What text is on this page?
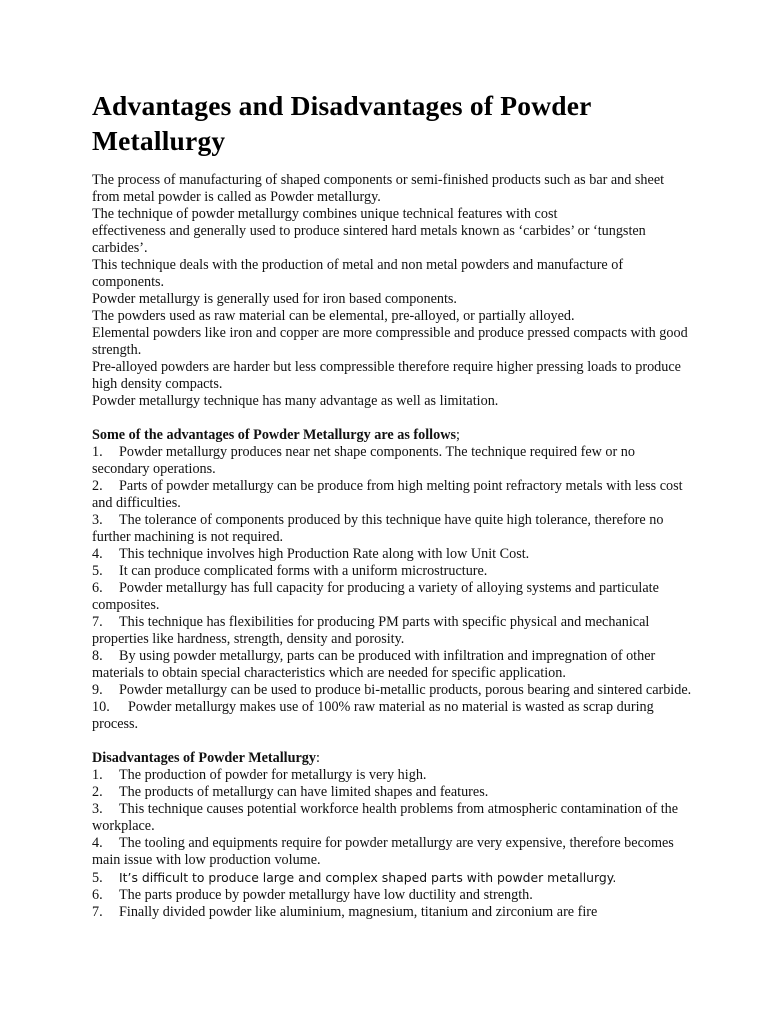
Advantages and Disadvantages of Powder Metallurgy

The process of manufacturing of shaped components or semi-finished products such as bar and sheet from metal powder is called as Powder metallurgy.

The technique of powder metallurgy combines unique technical features with cost

effectiveness and generally used to produce sintered hard metals known as ‘carbides’ or ‘tungsten carbides’.

This technique deals with the production of metal and non metal powders and manufacture of components.

Powder metallurgy is generally used for iron based components.

The powders used as raw material can be elemental, pre-alloyed, or partially alloyed.

Elemental powders like iron and copper are more compressible and produce pressed compacts with good strength.

Pre-alloyed powders are harder but less compressible therefore require higher pressing loads to produce high density compacts.

Powder metallurgy technique has many advantage as well as limitation.

Some of the advantages of Powder Metallurgy are as follows;
1. Powder metallurgy produces near net shape components. The technique required few or no secondary operations.
2. Parts of powder metallurgy can be produce from high melting point refractory metals with less cost and difficulties.
3. The tolerance of components produced by this technique have quite high tolerance, therefore no further machining is not required.
4. This technique involves high Production Rate along with low Unit Cost.
5. It can produce complicated forms with a uniform microstructure.
6. Powder metallurgy has full capacity for producing a variety of alloying systems and particulate composites.
7. This technique has flexibilities for producing PM parts with specific physical and mechanical properties like hardness, strength, density and porosity.
8. By using powder metallurgy, parts can be produced with infiltration and impregnation of other materials to obtain special characteristics which are needed for specific application.
9. Powder metallurgy can be used to produce bi-metallic products, porous bearing and sintered carbide.
10. Powder metallurgy makes use of 100% raw material as no material is wasted as scrap during process.
Disadvantages of Powder Metallurgy:
1. The production of powder for metallurgy is very high.
2. The products of metallurgy can have limited shapes and features.
3. This technique causes potential workforce health problems from atmospheric contamination of the workplace.
4. The tooling and equipments require for powder metallurgy are very expensive, therefore becomes main issue with low production volume.
5. It’s difficult to produce large and complex shaped parts with powder metallurgy.
6. The parts produce by powder metallurgy have low ductility and strength.
7. Finally divided powder like aluminium, magnesium, titanium and zirconium are fire
